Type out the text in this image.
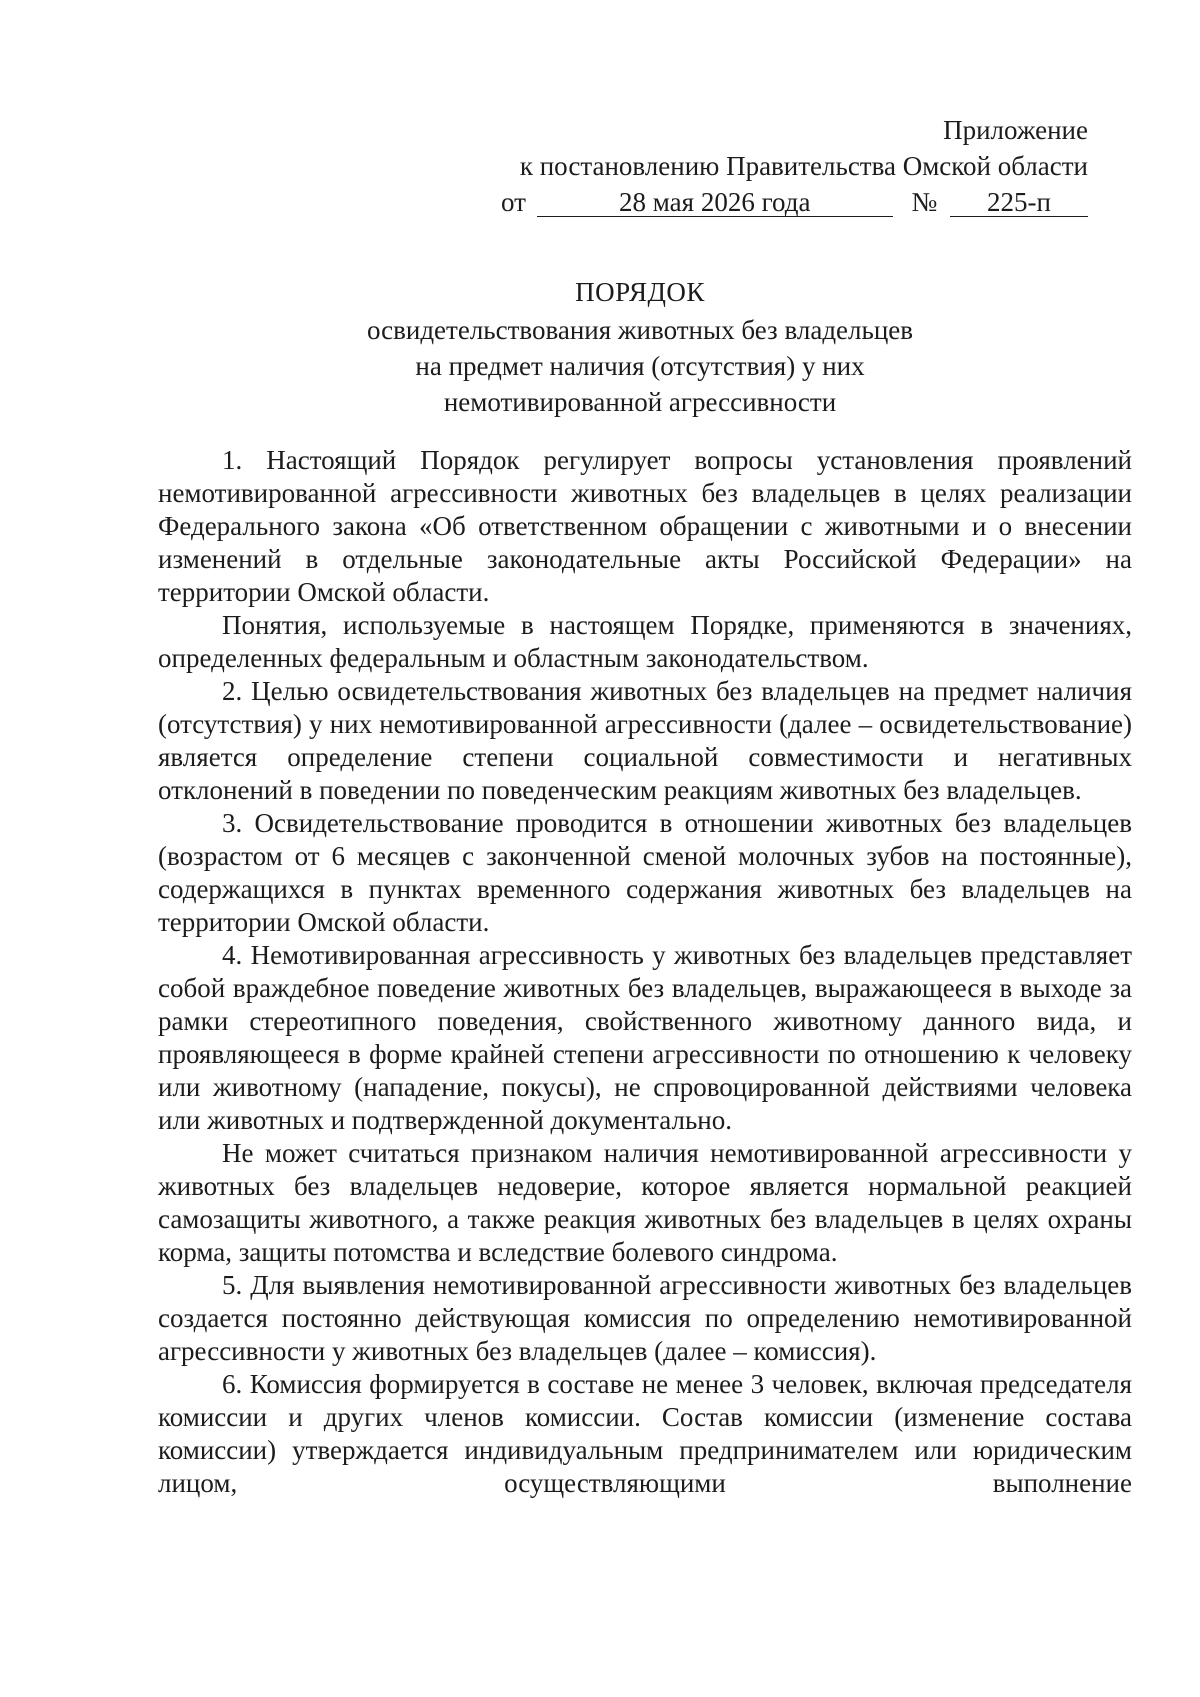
Приложение
к постановлению Правительства Омской области
от	28 мая 2026 года	№ 225-п
ПОРЯДОК
освидетельствования животных без владельцев
на предмет наличия (отсутствия) у них
немотивированной агрессивности

1. Настоящий Порядок регулирует вопросы установления проявлений немотивированной агрессивности животных без владельцев в целях реализации Федерального закона «Об ответственном обращении с животными и о внесении изменений в отдельные законодательные акты Российской Федерации» на территории Омской области.

Понятия, используемые в настоящем Порядке, применяются в значениях, определенных федеральным и областным законодательством.

2. Целью освидетельствования животных без владельцев на предмет наличия (отсутствия) у них немотивированной агрессивности (далее – освидетельствование) является определение степени социальной совместимости и негативных отклонений в поведении по поведенческим реакциям животных без владельцев.

3. Освидетельствование проводится в отношении животных без владельцев (возрастом от 6 месяцев с законченной сменой молочных зубов на постоянные), содержащихся в пунктах временного содержания животных без владельцев на территории Омской области.

4. Немотивированная агрессивность у животных без владельцев представляет собой враждебное поведение животных без владельцев, выражающееся в выходе за рамки стереотипного поведения, свойственного животному данного вида, и проявляющееся в форме крайней степени агрессивности по отношению к человеку или животному (нападение, покусы), не спровоцированной действиями человека или животных и подтвержденной документально.

Не может считаться признаком наличия немотивированной агрессивности у животных без владельцев недоверие, которое является нормальной реакцией самозащиты животного, а также реакция животных без владельцев в целях охраны корма, защиты потомства и вследствие болевого синдрома.

5. Для выявления немотивированной агрессивности животных без владельцев создается постоянно действующая комиссия по определению немотивированной агрессивности у животных без владельцев (далее – комиссия).

6. Комиссия формируется в составе не менее 3 человек, включая председателя комиссии и других членов комиссии. Состав комиссии (изменение состава комиссии) утверждается индивидуальным предпринимателем или юридическим лицом, осуществляющими выполнение
